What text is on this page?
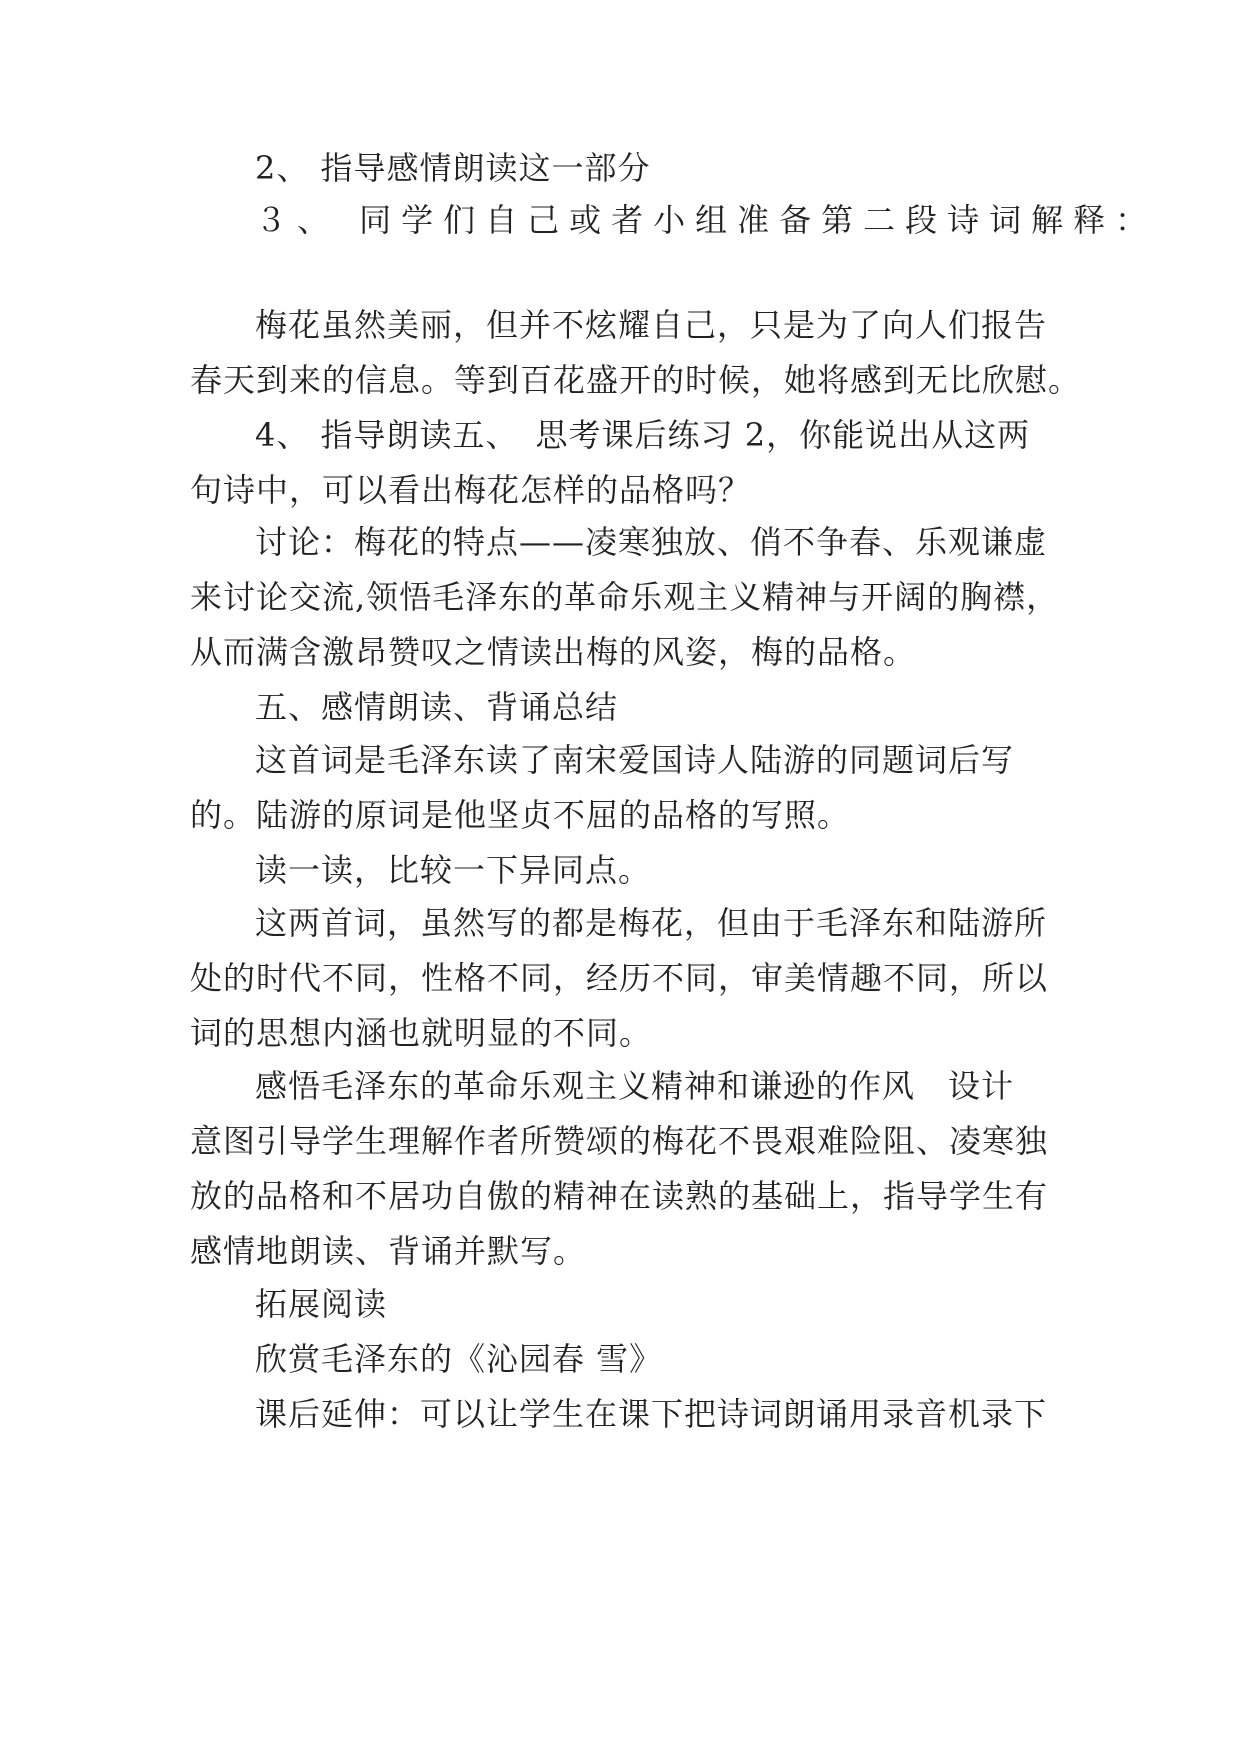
2、 指导感情朗读这一部分
３、 同学们自己或者小组准备第二段诗词解释：
梅花虽然美丽，但并不炫耀自己，只是为了向人们报告
春天到来的信息。等到百花盛开的时候，她将感到无比欣慰。
4、 指导朗读五、　思考课后练习 2，你能说出从这两
句诗中，可以看出梅花怎样的品格吗？
讨论：梅花的特点——凌寒独放、俏不争春、乐观谦虚
来讨论交流,领悟毛泽东的革命乐观主义精神与开阔的胸襟，
从而满含激昂赞叹之情读出梅的风姿，梅的品格。
五、感情朗读、背诵总结
这首词是毛泽东读了南宋爱国诗人陆游的同题词后写
的。陆游的原词是他坚贞不屈的品格的写照。
读一读，比较一下异同点。
这两首词，虽然写的都是梅花，但由于毛泽东和陆游所
处的时代不同，性格不同，经历不同，审美情趣不同，所以
词的思想内涵也就明显的不同。
感悟毛泽东的革命乐观主义精神和谦逊的作风　设计
意图引导学生理解作者所赞颂的梅花不畏艰难险阻、凌寒独
放的品格和不居功自傲的精神在读熟的基础上，指导学生有
感情地朗读、背诵并默写。
拓展阅读
欣赏毛泽东的《沁园春 雪》
课后延伸：可以让学生在课下把诗词朗诵用录音机录下
